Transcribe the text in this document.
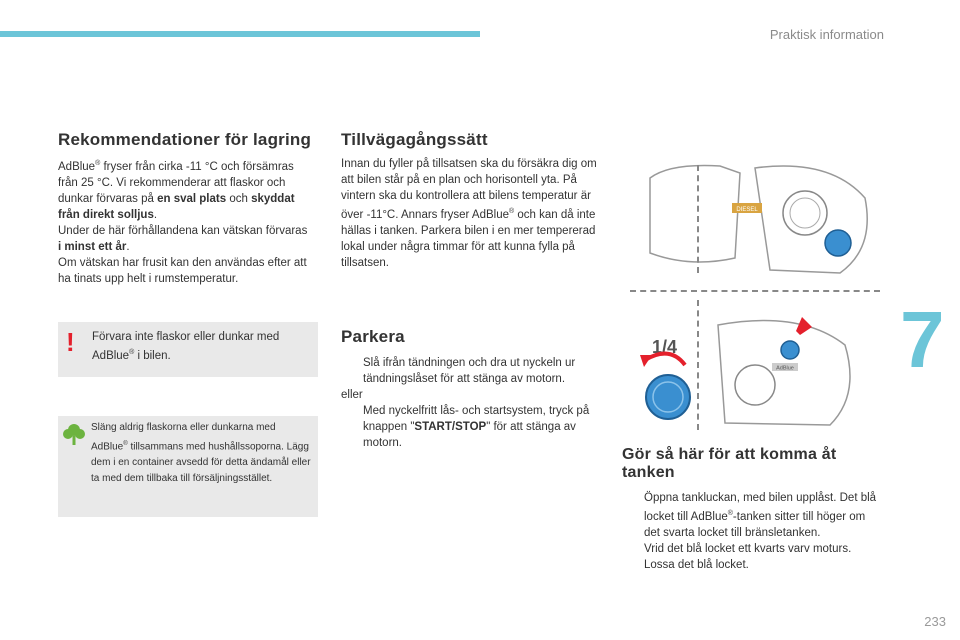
Praktisk information
7
Rekommendationer för lagring

AdBlue® fryser från cirka -11 °C och försämras från 25 °C. Vi rekommenderar att flaskor och dunkar förvaras på en sval plats och skyddat från direkt solljus.

Under de här förhållandena kan vätskan förvaras i minst ett år.

Om vätskan har frusit kan den användas efter att ha tinats upp helt i rumstemperatur.

! Förvara inte flaskor eller dunkar med AdBlue® i bilen.

Släng aldrig flaskorna eller dunkarna med AdBlue® tillsammans med hushållssoporna. Lägg dem i en container avsedd för detta ändamål eller ta med dem tillbaka till försäljningsstället.

Tillvägagångssätt

Innan du fyller på tillsatsen ska du försäkra dig om att bilen står på en plan och horisontell yta. På vintern ska du kontrollera att bilens temperatur är över -11°C. Annars fryser AdBlue® och kan då inte hällas i tanken. Parkera bilen i en mer tempererad lokal under några timmar för att kunna fylla på tillsatsen.

Parkera
Slå ifrån tändningen och dra ut nyckeln ur tändningslåset för att stänga av motorn.
eller
Med nyckelfritt lås- och startsystem, tryck på knappen "START/STOP" för att stänga av motorn.
DIESEL
1/4
AdBlue
Gör så här för att komma åt tanken
Öppna tankluckan, med bilen upplåst. Det blå locket till AdBlue®-tanken sitter till höger om det svarta locket till bränsletanken.
Vrid det blå locket ett kvarts varv moturs.
Lossa det blå locket.
233
